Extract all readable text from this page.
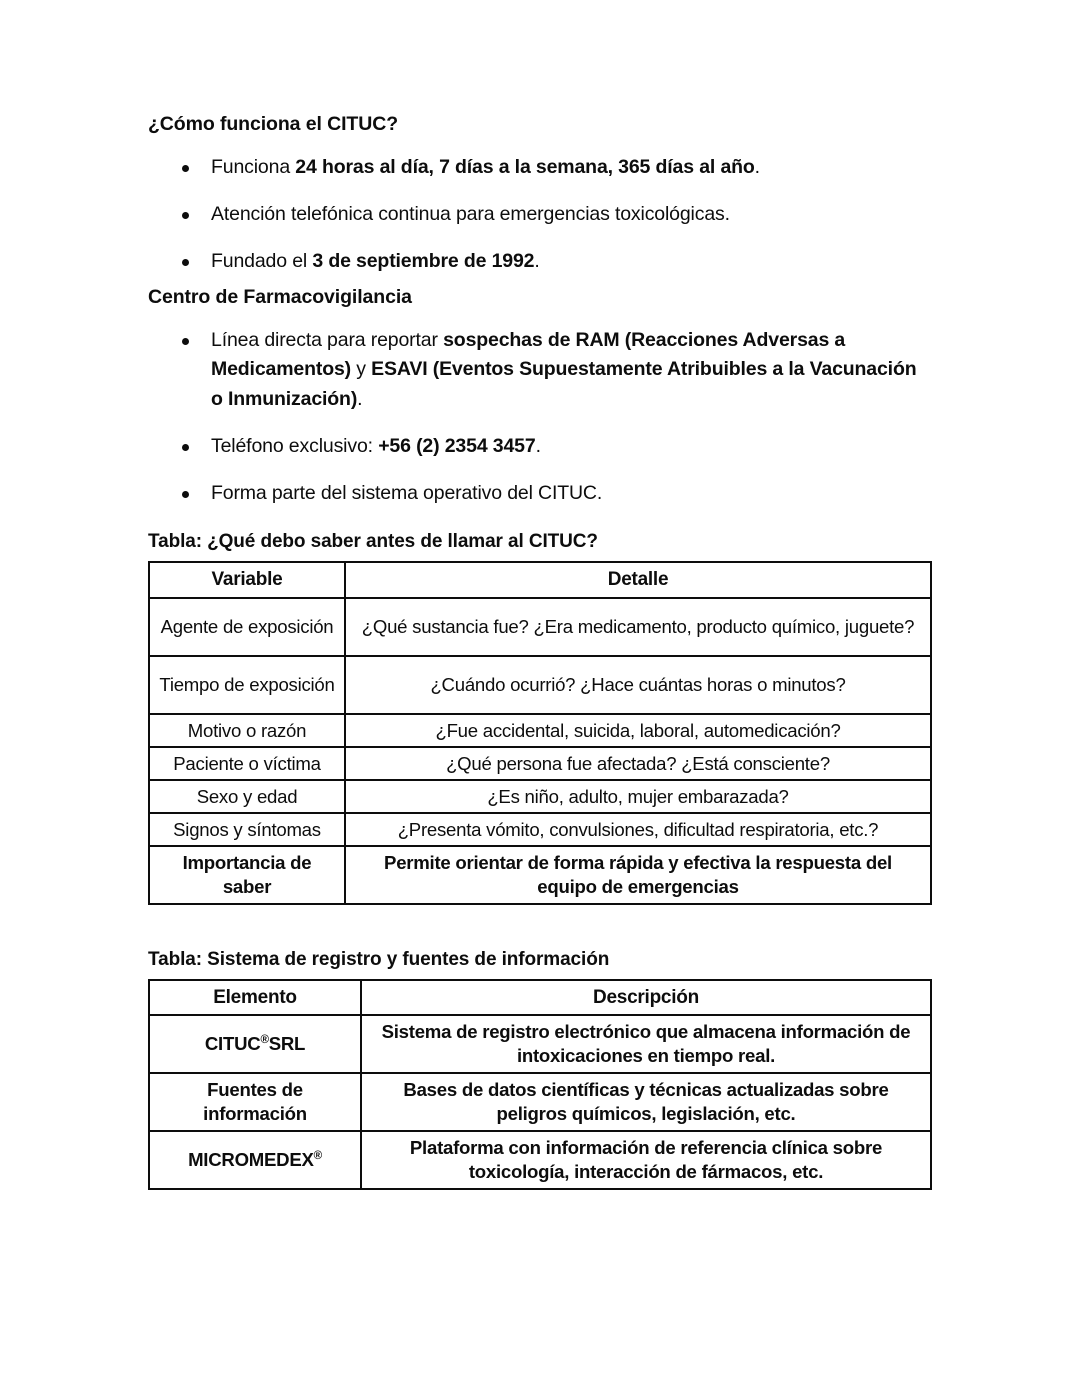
¿Cómo funciona el CITUC?
Funciona 24 horas al día, 7 días a la semana, 365 días al año.
Atención telefónica continua para emergencias toxicológicas.
Fundado el 3 de septiembre de 1992.
Centro de Farmacovigilancia
Línea directa para reportar sospechas de RAM (Reacciones Adversas a Medicamentos) y ESAVI (Eventos Supuestamente Atribuibles a la Vacunación o Inmunización).
Teléfono exclusivo: +56 (2) 2354 3457.
Forma parte del sistema operativo del CITUC.
Tabla: ¿Qué debo saber antes de llamar al CITUC?
Variable	Detalle
Agente de exposición	¿Qué sustancia fue? ¿Era medicamento, producto químico, juguete?
Tiempo de exposición	¿Cuándo ocurrió? ¿Hace cuántas horas o minutos?
Motivo o razón	¿Fue accidental, suicida, laboral, automedicación?
Paciente o víctima	¿Qué persona fue afectada? ¿Está consciente?
Sexo y edad	¿Es niño, adulto, mujer embarazada?
Signos y síntomas	¿Presenta vómito, convulsiones, dificultad respiratoria, etc.?
Importancia de saber	Permite orientar de forma rápida y efectiva la respuesta del equipo de emergencias
Tabla: Sistema de registro y fuentes de información
Elemento	Descripción
CITUC®SRL	Sistema de registro electrónico que almacena información de intoxicaciones en tiempo real.
Fuentes de información	Bases de datos científicas y técnicas actualizadas sobre peligros químicos, legislación, etc.
MICROMEDEX®	Plataforma con información de referencia clínica sobre toxicología, interacción de fármacos, etc.
